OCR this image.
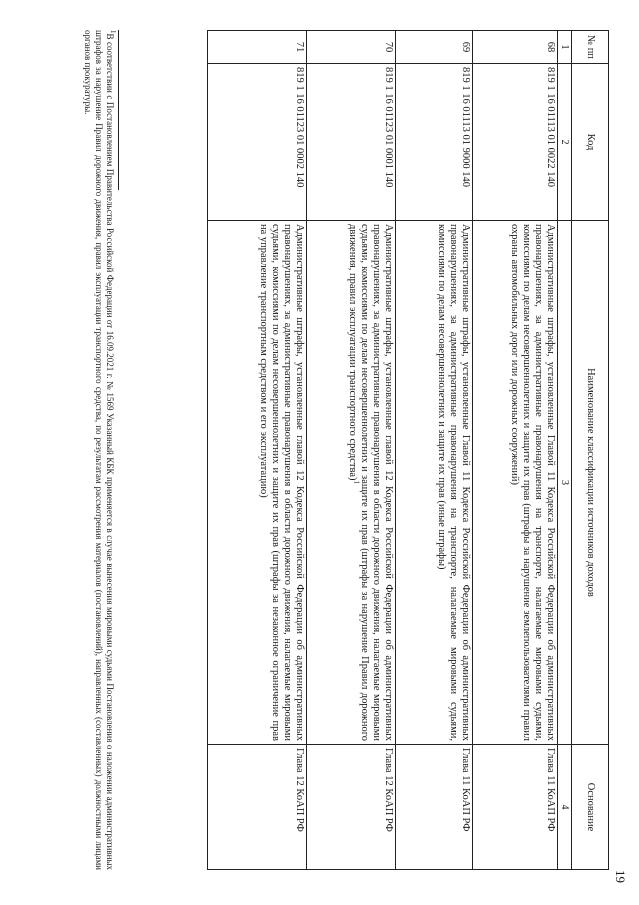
19
№ пп	Код	Наименование классификации источников доходов	Основание
1	2	3	4
68	819 1 16 01113 01 0022 140	Административные штрафы, установленные Главой 11 Кодекса Российской Федерации об административных правонарушениях, за административные правонарушения на транспорте, налагаемые мировыми судьями, комиссиями по делам несовершеннолетних и защите их прав (штрафы за нарушение землепользователями правил охраны автомобильных дорог или дорожных сооружений)	Глава 11 КоАП РФ
69	819 1 16 01113 01 9000 140	Административные штрафы, установленные Главой 11 Кодекса Российской Федерации об административных правонарушениях, за административные правонарушения на транспорте, налагаемые мировыми судьями, комиссиями по делам несовершеннолетних и защите их прав (иные штрафы)	Глава 11 КоАП РФ
70	819 1 16 01123 01 0001 140	Административные штрафы, установленные главой 12 Кодекса Российской Федерации об административных правонарушениях, за административные правонарушения в области дорожного движения, налагаемые мировыми судьями, комиссиями по делам несовершеннолетних и защите их прав (штрафы за нарушение Правил дорожного движения, правил эксплуатации транспортного средства)$^1$	Глава 12 КоАП РФ
71	819 1 16 01123 01 0002 140	Административные штрафы, установленные главой 12 Кодекса Российской Федерации об административных правонарушениях, за административные правонарушения в области дорожного движения, налагаемые мировыми судьями, комиссиями по делам несовершеннолетних и защите их прав (штрафы за незаконное ограничение прав на управление транспортным средством и его эксплуатацию)	Глава 12 КоАП РФ
$^1$В соответствии с Постановлением Правительства Российской Федерации от 16.09.2021 г. № 1569 Указанный КБК применяется в случае вынесения мировыми судьями Постановления о наложении административных штрафов за нарушение Правил дорожного движения, правил эксплуатации транспортного средства, по результатам рассмотрения материалов (постановлений), направленных (составленных) должностными лицами органов прокуратуры.
